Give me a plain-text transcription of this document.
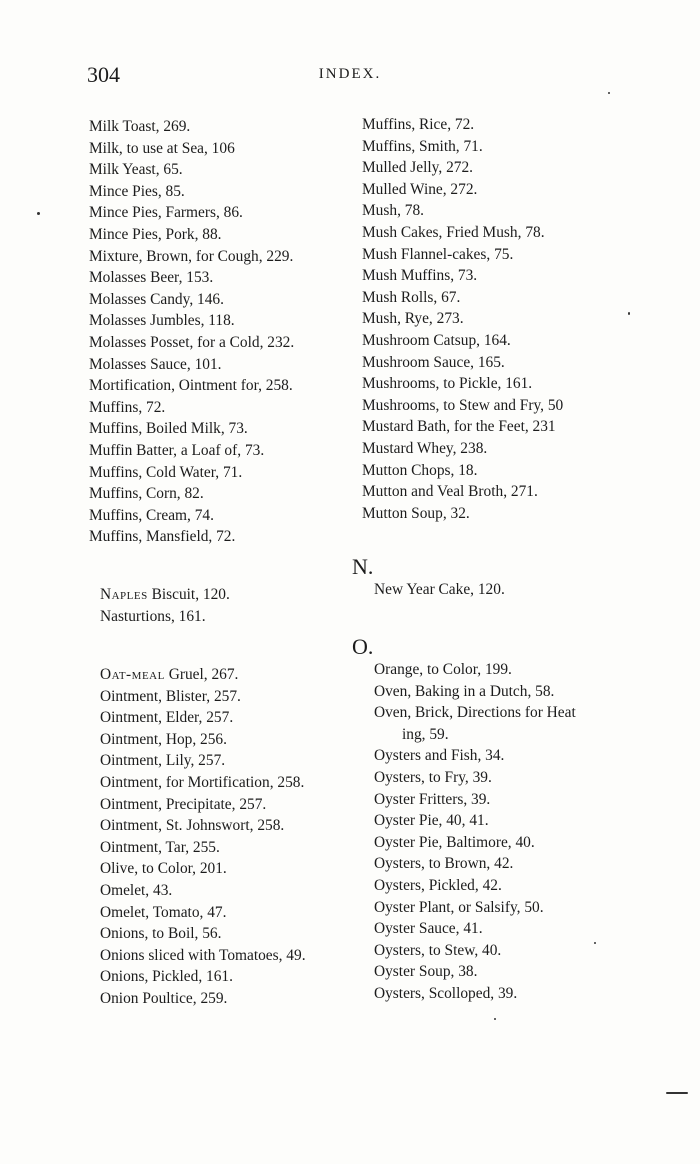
304	INDEX.
Milk Toast, 269.
Milk, to use at Sea, 106
Milk Yeast, 65.
Mince Pies, 85.
Mince Pies, Farmers, 86.
Mince Pies, Pork, 88.
Mixture, Brown, for Cough, 229.
Molasses Beer, 153.
Molasses Candy, 146.
Molasses Jumbles, 118.
Molasses Posset, for a Cold, 232.
Molasses Sauce, 101.
Mortification, Ointment for, 258.
Muffins, 72.
Muffins, Boiled Milk, 73.
Muffin Batter, a Loaf of, 73.
Muffins, Cold Water, 71.
Muffins, Corn, 82.
Muffins, Cream, 74.
Muffins, Mansfield, 72.
Naples Biscuit, 120.
Nasturtions, 161.
Oat-meal Gruel, 267.
Ointment, Blister, 257.
Ointment, Elder, 257.
Ointment, Hop, 256.
Ointment, Lily, 257.
Ointment, for Mortification, 258.
Ointment, Precipitate, 257.
Ointment, St. Johnswort, 258.
Ointment, Tar, 255.
Olive, to Color, 201.
Omelet, 43.
Omelet, Tomato, 47.
Onions, to Boil, 56.
Onions sliced with Tomatoes, 49.
Onions, Pickled, 161.
Onion Poultice, 259.
Muffins, Rice, 72.
Muffins, Smith, 71.
Mulled Jelly, 272.
Mulled Wine, 272.
Mush, 78.
Mush Cakes, Fried Mush, 78.
Mush Flannel-cakes, 75.
Mush Muffins, 73.
Mush Rolls, 67.
Mush, Rye, 273.
Mushroom Catsup, 164.
Mushroom Sauce, 165.
Mushrooms, to Pickle, 161.
Mushrooms, to Stew and Fry, 50
Mustard Bath, for the Feet, 231
Mustard Whey, 238.
Mutton Chops, 18.
Mutton and Veal Broth, 271.
Mutton Soup, 32.
N.
New Year Cake, 120.
O.
Orange, to Color, 199.
Oven, Baking in a Dutch, 58.
Oven, Brick, Directions for Heat
ing, 59.
Oysters and Fish, 34.
Oysters, to Fry, 39.
Oyster Fritters, 39.
Oyster Pie, 40, 41.
Oyster Pie, Baltimore, 40.
Oysters, to Brown, 42.
Oysters, Pickled, 42.
Oyster Plant, or Salsify, 50.
Oyster Sauce, 41.
Oysters, to Stew, 40.
Oyster Soup, 38.
Oysters, Scolloped, 39.
